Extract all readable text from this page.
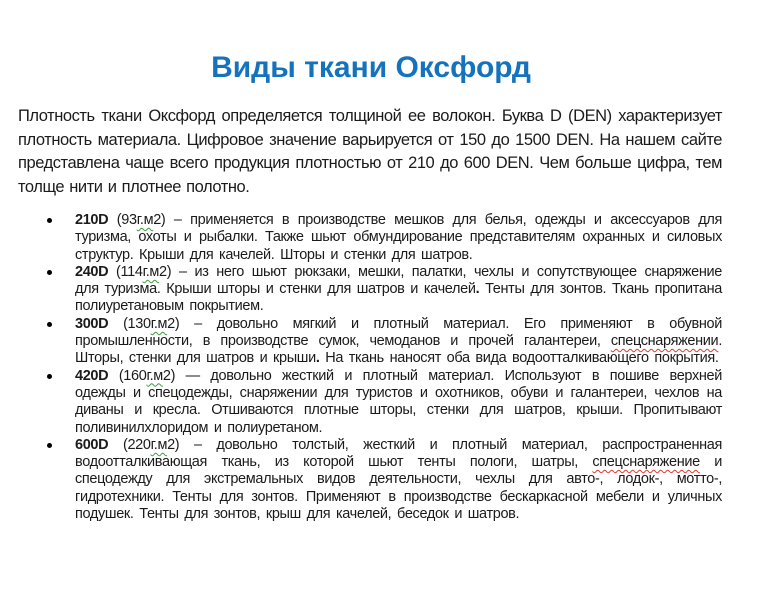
Виды ткани Оксфорд

Плотность ткани Оксфорд определяется толщиной ее волокон. Буква D (DEN) характеризует плотность материала. Цифровое значение варьируется от 150 до 1500 DEN. На нашем сайте представлена чаще всего продукция плотностью от 210 до 600 DEN. Чем больше цифра, тем толще нити и плотнее полотно.

210D (93г.м2) – применяется в производстве мешков для белья, одежды и аксессуаров для туризма, охоты и рыбалки. Также шьют обмундирование представителям охранных и силовых структур. Крыши для качелей. Шторы и стенки для шатров.
240D (114г.м2) – из него шьют рюкзаки, мешки, палатки, чехлы и сопутствующее снаряжение для туризма. Крыши шторы и стенки для шатров и качелей. Тенты для зонтов. Ткань пропитана полиуретановым покрытием.
300D (130г.м2) – довольно мягкий и плотный материал. Его применяют в обувной промышленности, в производстве сумок, чемоданов и прочей галантереи, спецснаряжении. Шторы, стенки для шатров и крыши. На ткань наносят оба вида водоотталкивающего покрытия.
420D (160г.м2) — довольно жесткий и плотный материал. Используют в пошиве верхней одежды и спецодежды, снаряжении для туристов и охотников, обуви и галантереи, чехлов на диваны и кресла. Отшиваются плотные шторы, стенки для шатров, крыши. Пропитывают поливинилхлоридом и полиуретаном.
600D (220г.м2) – довольно толстый, жесткий и плотный материал, распространенная водоотталкивающая ткань, из которой шьют тенты пологи, шатры, спецснаряжение и спецодежду для экстремальных видов деятельности, чехлы для авто-, лодок-, мотто-, гидротехники. Тенты для зонтов. Применяют в производстве бескаркасной мебели и уличных подушек. Тенты для зонтов, крыш для качелей, беседок и шатров.
